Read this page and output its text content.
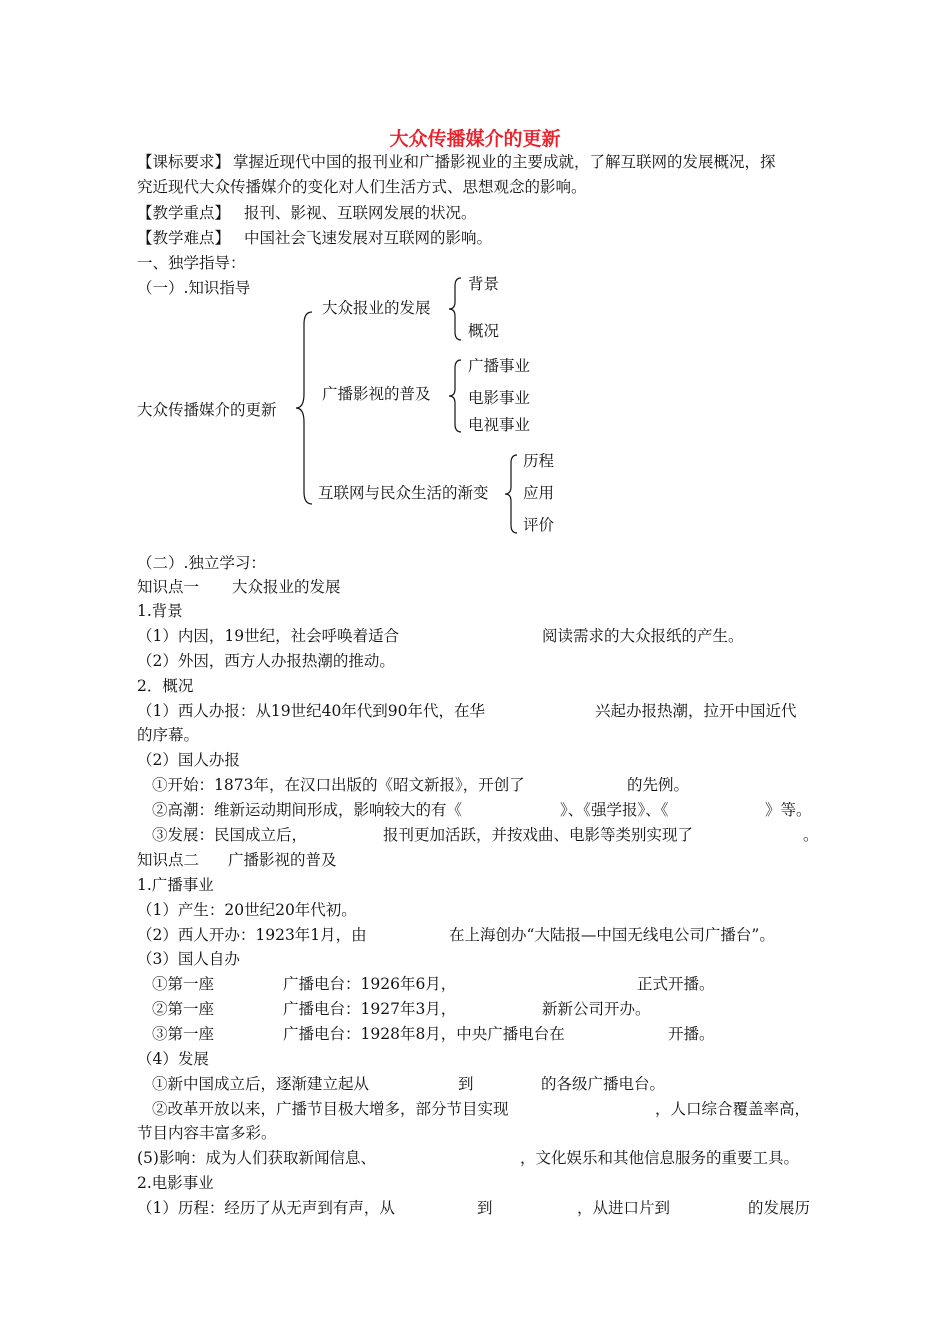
大众传播媒介的更新
【课标要求】 掌握近现代中国的报刊业和广播影视业的主要成就，了解互联网的发展概况，探
究近现代大众传播媒介的变化对人们生活方式、思想观念的影响。
【教学重点】 报刊、影视、互联网发展的状况。
【教学难点】 中国社会飞速发展对互联网的影响。
一、独学指导：
（一）.知识指导
大众传播媒介的更新
大众报业的发展
背景
概况
广播影视的普及
广播事业
电影事业
电视事业
互联网与民众生活的渐变
历程
应用
评价
（二）.独立学习：
知识点一 大众报业的发展
1.背景
（1）内因，19世纪，社会呼唤着适合	阅读需求的大众报纸的产生。
（2）外因，西方人办报热潮的推动。
2．概况
（1）西人办报：从19世纪40年代到90年代，在华	兴起办报热潮，拉开中国近代
的序幕。
（2）国人办报
①开始：1873年，在汉口出版的《昭文新报》，开创了	的先例。
②高潮：维新运动期间形成，影响较大的有《	》、《强学报》、《	》等。
③发展：民国成立后，	报刊更加活跃，并按戏曲、电影等类别实现了	。
知识点二 广播影视的普及
1.广播事业
（1）产生：20世纪20年代初。
（2）西人开办：1923年1月，由	在上海创办“大陆报—中国无线电公司广播台”。
（3）国人自办
①第一座	广播电台：1926年6月，	正式开播。
②第一座	广播电台：1927年3月，	新新公司开办。
③第一座	广播电台：1928年8月，中央广播电台在	开播。
（4）发展
①新中国成立后，逐渐建立起从	到	的各级广播电台。
②改革开放以来，广播节目极大增多，部分节目实现	，人口综合覆盖率高，
节目内容丰富多彩。
(5)影响：成为人们获取新闻信息、	，文化娱乐和其他信息服务的重要工具。
2.电影事业
（1）历程：经历了从无声到有声，从	到	，从进口片到	的发展历
